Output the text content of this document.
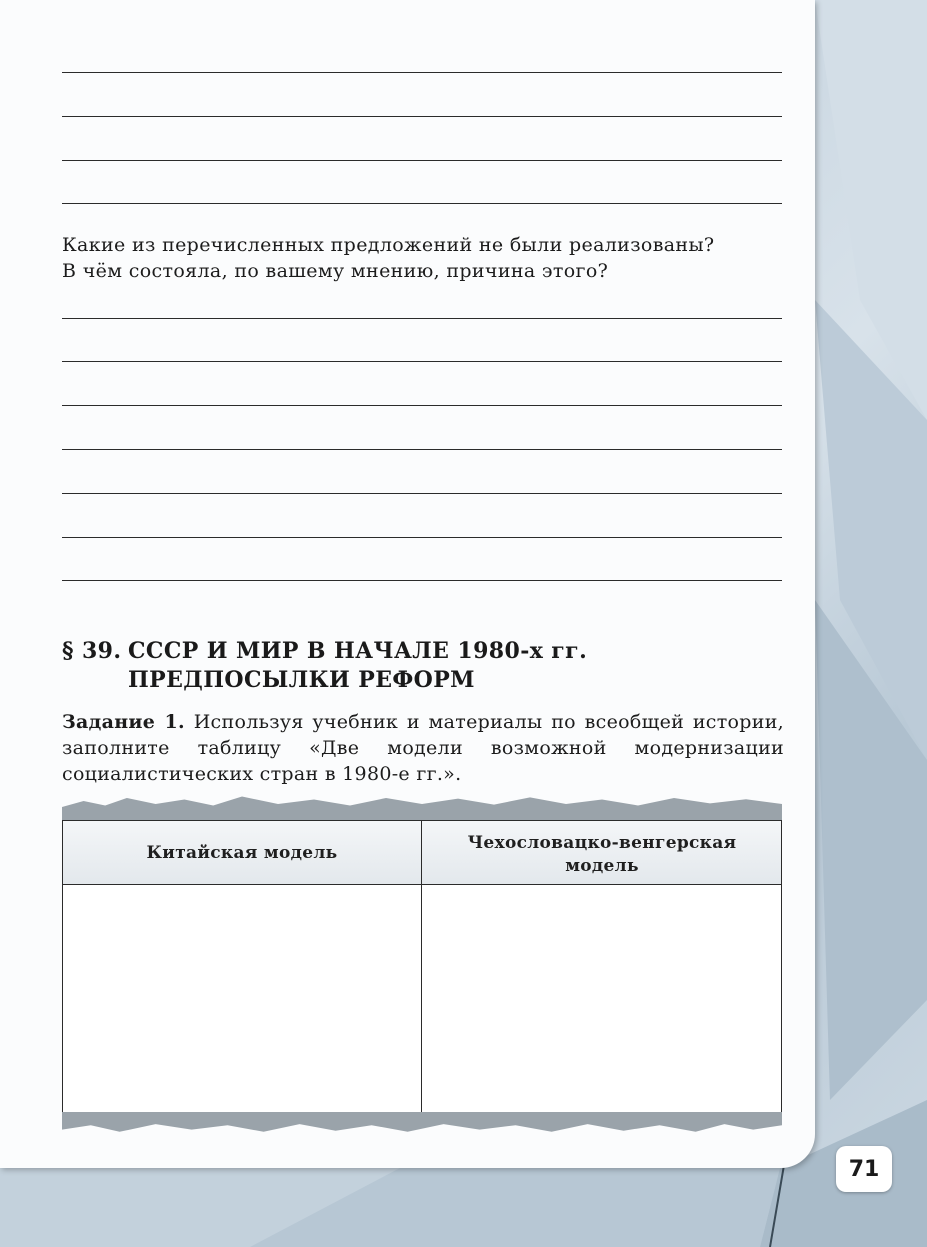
Какие из перечисленных предложений не были реализованы?
В чём состояла, по вашему мнению, причина этого?
§ 39. СССР И МИР В НАЧАЛЕ 1980-х гг.
ПРЕДПОСЫЛКИ РЕФОРМ
Задание 1. Используя учебник и материалы по всеобщей истории, заполните таблицу «Две модели возможной модернизации социалистических стран в 1980-е гг.».
Китайская модель	Чехословацко-венгерская модель
71
